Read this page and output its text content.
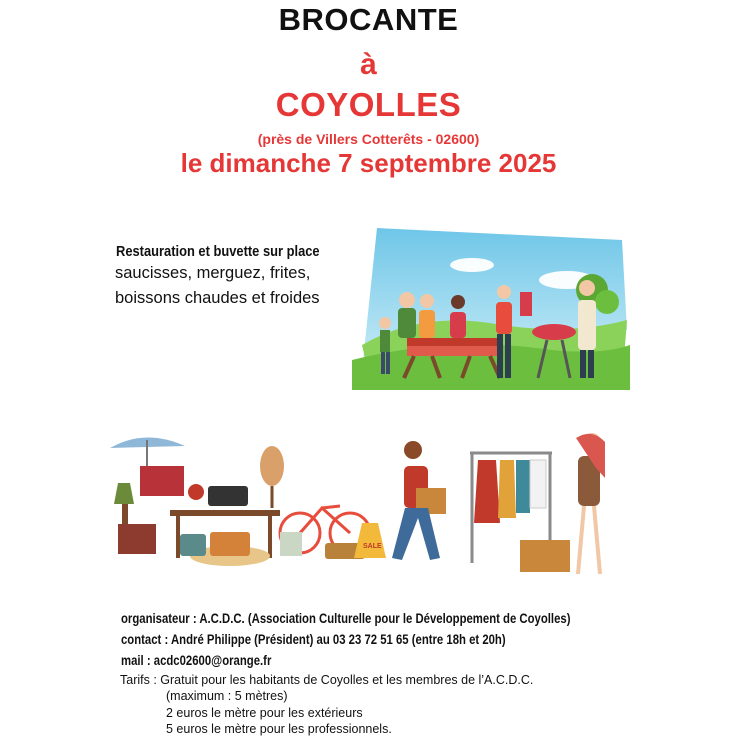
BROCANTE
à
COYOLLES
(près de Villers Cotterêts - 02600)
le dimanche 7 septembre 2025
Restauration et buvette sur place
saucisses, merguez, frites,
boissons chaudes et froides
SALE
organisateur : A.C.D.C. (Association Culturelle pour le Développement de Coyolles)
contact : André Philippe (Président) au 03 23 72 51 65 (entre 18h et 20h)
mail : acdc02600@orange.fr
Tarifs : Gratuit pour les habitants de Coyolles et les membres de l’A.C.D.C.
(maximum : 5 mètres)
2 euros le mètre pour les extérieurs
5 euros le mètre pour les professionnels.
